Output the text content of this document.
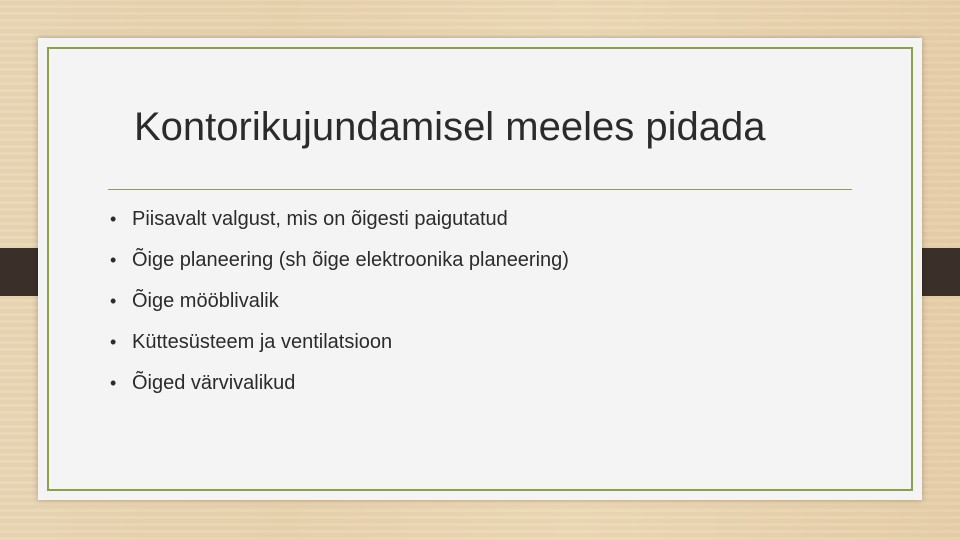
Kontorikujundamisel meeles pidada
• Piisavalt valgust, mis on õigesti paigutatud
• Õige planeering (sh õige elektroonika planeering)
• Õige mööblivalik
• Küttesüsteem ja ventilatsioon
• Õiged värvivalikud
